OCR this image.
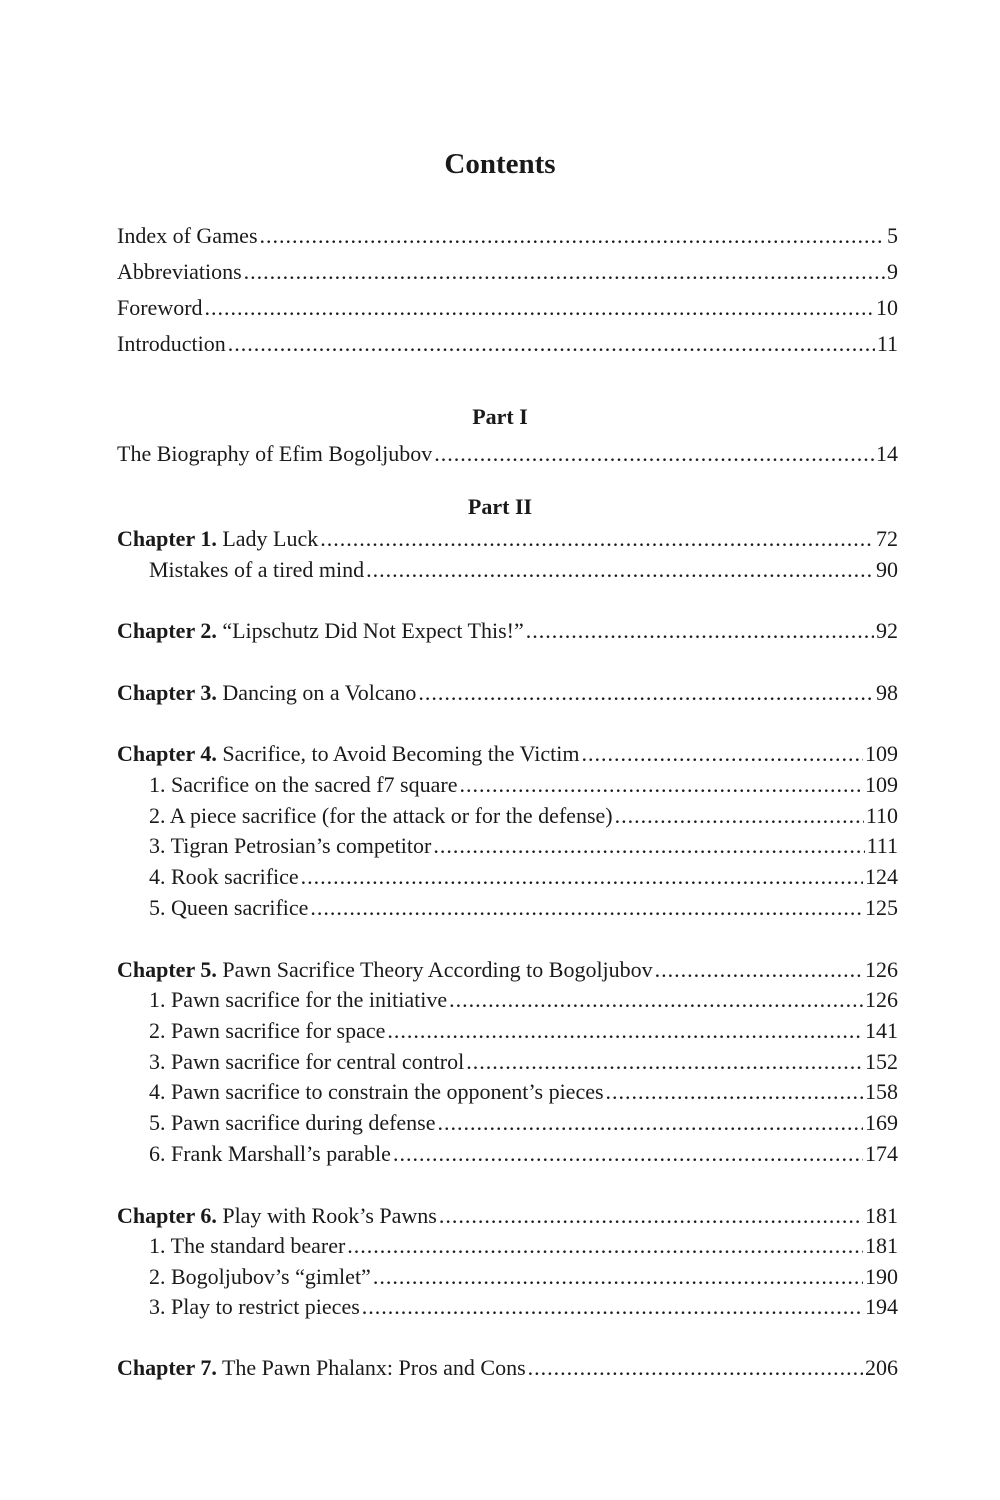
Contents
Index of Games .....	5
Abbreviations .....	9
Foreword .....	10
Introduction .....	11
Part I
The Biography of Efim Bogoljubov .....	14
Part II
Chapter 1. Lady Luck .....	72
Mistakes of a tired mind .....	90
Chapter 2. “Lipschutz Did Not Expect This!” .....	92
Chapter 3. Dancing on a Volcano .....	98
Chapter 4. Sacrifice, to Avoid Becoming the Victim .....	109
1. Sacrifice on the sacred f7 square .....	109
2. A piece sacrifice (for the attack or for the defense) .....	110
3. Tigran Petrosian’s competitor .....	111
4. Rook sacrifice .....	124
5. Queen sacrifice .....	125
Chapter 5. Pawn Sacrifice Theory According to Bogoljubov .....	126
1. Pawn sacrifice for the initiative .....	126
2. Pawn sacrifice for space .....	141
3. Pawn sacrifice for central control .....	152
4. Pawn sacrifice to constrain the opponent’s pieces .....	158
5. Pawn sacrifice during defense .....	169
6. Frank Marshall’s parable .....	174
Chapter 6. Play with Rook’s Pawns .....	181
1. The standard bearer .....	181
2. Bogoljubov’s “gimlet” .....	190
3. Play to restrict pieces .....	194
Chapter 7. The Pawn Phalanx: Pros and Cons .....	206
